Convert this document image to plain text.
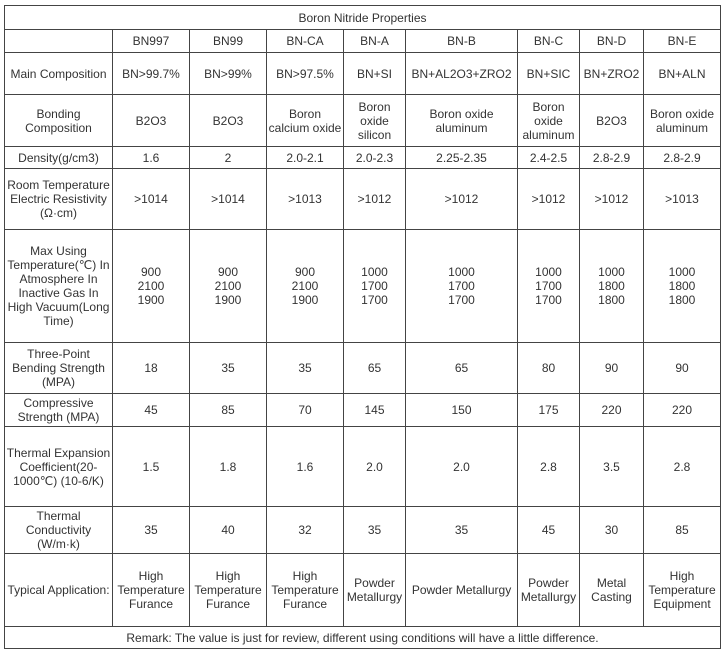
Boron Nitride Properties								
	BN997	BN99	BN-CA	BN-A	BN-B	BN-C	BN-D	BN-E
Main Composition	BN>99.7%	BN>99%	BN>97.5%	BN+SI	BN+AL2O3+ZRO2	BN+SIC	BN+ZRO2	BN+ALN
Bonding Composition	B2O3	B2O3	Boron calcium oxide	Boron oxide silicon	Boron oxide aluminum	Boron oxide aluminum	B2O3	Boron oxide aluminum
Density(g/cm3)	1.6	2	2.0-2.1	2.0-2.3	2.25-2.35	2.4-2.5	2.8-2.9	2.8-2.9
Room Temperature Electric Resistivity (Ω·cm)	>1014	>1014	>1013	>1012	>1012	>1012	>1012	>1013
Max Using Temperature(℃) In Atmosphere In Inactive Gas In High Vacuum(Long Time)	900
2100
1900	900
2100
1900	900
2100
1900	1000
1700
1700	1000
1700
1700	1000
1700
1700	1000
1800
1800	1000
1800
1800
Three-Point Bending Strength (MPA)	18	35	35	65	65	80	90	90
Compressive Strength (MPA)	45	85	70	145	150	175	220	220
Thermal Expansion Coefficient(20-1000℃) (10-6/K)	1.5	1.8	1.6	2.0	2.0	2.8	3.5	2.8
Thermal Conductivity (W/m·k)	35	40	32	35	35	45	30	85
Typical Application:	High Temperature Furance	High Temperature Furance	High Temperature Furance	Powder Metallurgy	Powder Metallurgy	Powder Metallurgy	Metal Casting	High Temperature Equipment
Remark: The value is just for review, different using conditions will have a little difference.								
